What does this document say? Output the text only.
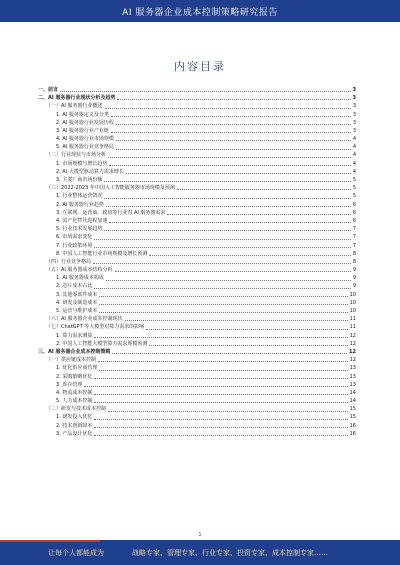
AI 服务器企业成本控制策略研究报告
内容目录
一、前言	3
二、AI 服务器行业现状分析及趋势	3
（一）AI 服务器行业概述	3
1. AI 服务器定义及分类	3
2. AI 服务器行业发展历程	3
3. AI 服务器行业产业链	3
4. AI 服务器行业市场规模	4
5. AI 服务器行业竞争格局	4
（二）行业现状与市场分析	4
1. 市场规模与增长趋势	4
2. AI 大模型驱动算力需求增长	4
3. 主要厂商市场份额	5
（三）2022-2023 年中国人工智能服务器市场规模及预测	5
1. 行业整体运营情况	5
2. AI 服务器行业趋势	6
3. 互联网、运营商、政府等行业对 AI 服务器需求	6
4. 国产化替代进程加速	6
5. 行业技术发展趋势	7
6. 市场需求变化	7
7. 行业政策环境	7
8. 中国人工智能行业市场规模及增长预测	8
（四）行业竞争格局	8
（五）AI 服务器成本结构分析	9
1. AI 服务器成本构成	9
2. 芯片成本占比	9
3. 其他零部件成本	10
4. 研发及制造成本	10
5. 运营与维护成本	10
（六）AI 服务器企业成本控制现状	11
（七）ChatGPT 等大模型对算力需求的影响	11
1. 算力需求测算	12
2. 中国人工智能大模型算力需求规模预测	12
三、AI 服务器企业成本控制策略	12
（一）供应链成本控制	12
1. 优化供应商管理	13
2. 采购策略优化	13
3. 库存管理	13
4. 物流成本控制	14
5. 人力成本控制	14
（二）研发与技术成本控制	15
1. 研发投入优化	15
2. 技术创新降本	16
3. 产品设计优化	16
1
让每个人都能成为	战略专家、管理专家、行业专家、投资专家、成本控制专家……
